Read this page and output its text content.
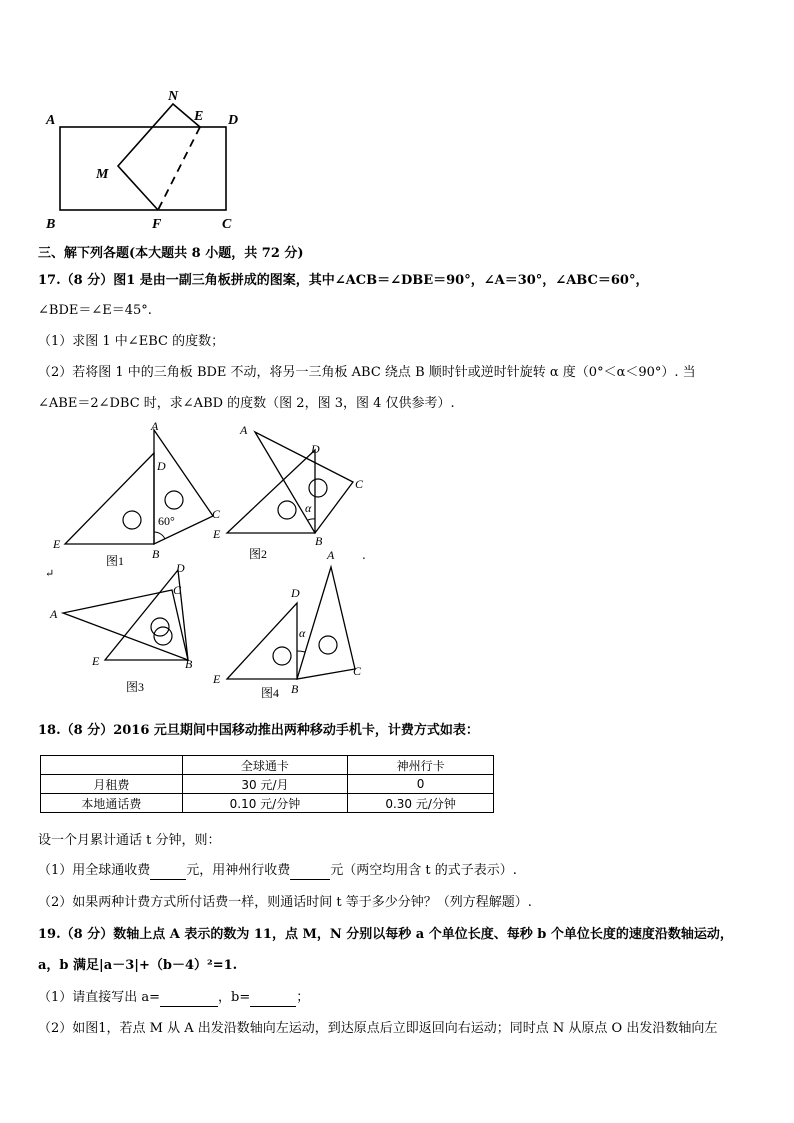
A	D
B	C
N
E
M
F
三、解下列各题(本大题共 8 小题，共 72 分)
17.（8 分）图1 是由一副三角板拼成的图案，其中∠ACB＝∠DBE＝90°，∠A＝30°，∠ABC＝60°，
∠BDE＝∠E＝45°.
（1）求图 1 中∠EBC 的度数；
（2）若将图 1 中的三角板 BDE 不动，将另一三角板 ABC 绕点 B 顺时针或逆时针旋转 α 度（0°＜α＜90°）. 当
∠ABE＝2∠DBC 时，求∠ABD 的度数（图 2，图 3，图 4 仅供参考）.
A
D
C
E
B
60°
图1
A
D
C
E	B
α
图2
↵
.
D
C
A
E	B
图3
A
D
C
E
B
α
图4
18.（8 分）2016 元旦期间中国移动推出两种移动手机卡，计费方式如表：
	全球通卡	神州行卡
月租费	30 元/月	0
本地通话费	0.10 元/分钟	0.30 元/分钟
设一个月累计通话 t 分钟，则：
（1）用全球通收费	元，用神州行收费	元（两空均用含 t 的式子表示）.
（2）如果两种计费方式所付话费一样，则通话时间 t 等于多少分钟？（列方程解题）.
19.（8 分）数轴上点 A 表示的数为 11，点 M，N 分别以每秒 a 个单位长度、每秒 b 个单位长度的速度沿数轴运动，
a，b 满足|a－3|+（b－4）²=1.
（1）请直接写出 a=	，b=	；
（2）如图1，若点 M 从 A 出发沿数轴向左运动，到达原点后立即返回向右运动；同时点 N 从原点 O 出发沿数轴向左
